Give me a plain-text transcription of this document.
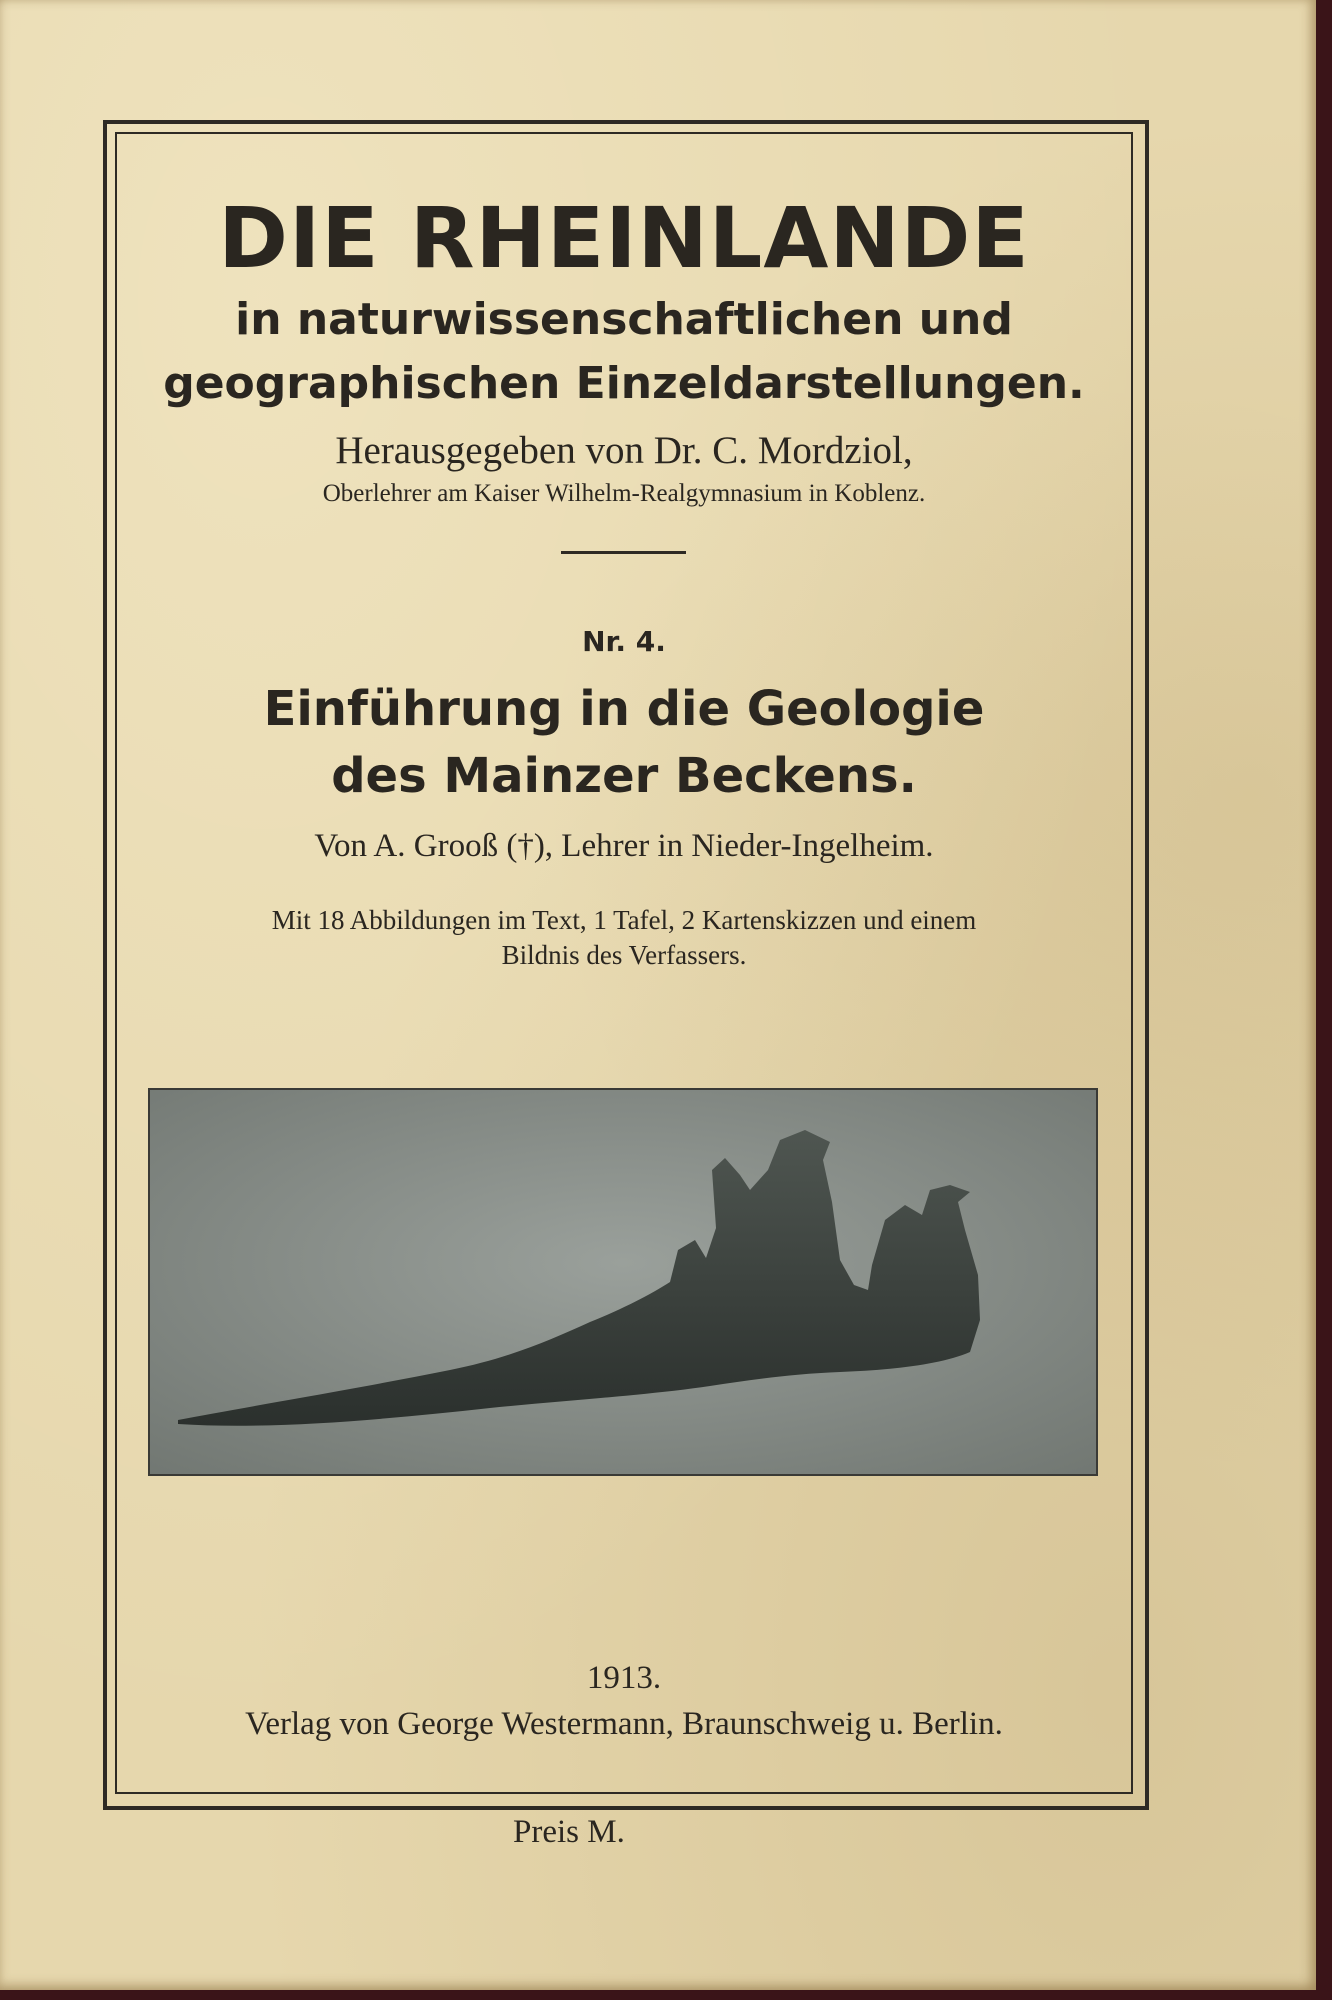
DIE RHEINLANDE
in naturwissenschaftlichen und
geographischen Einzeldarstellungen.
Herausgegeben von Dr. C. Mordziol,
Oberlehrer am Kaiser Wilhelm-Realgymnasium in Koblenz.
Nr. 4.
Einführung in die Geologie
des Mainzer Beckens.
Von A. Grooß (†), Lehrer in Nieder-Ingelheim.
Mit 18 Abbildungen im Text, 1 Tafel, 2 Kartenskizzen und einem
Bildnis des Verfassers.
1913.
Verlag von George Westermann, Braunschweig u. Berlin.
Preis M.
